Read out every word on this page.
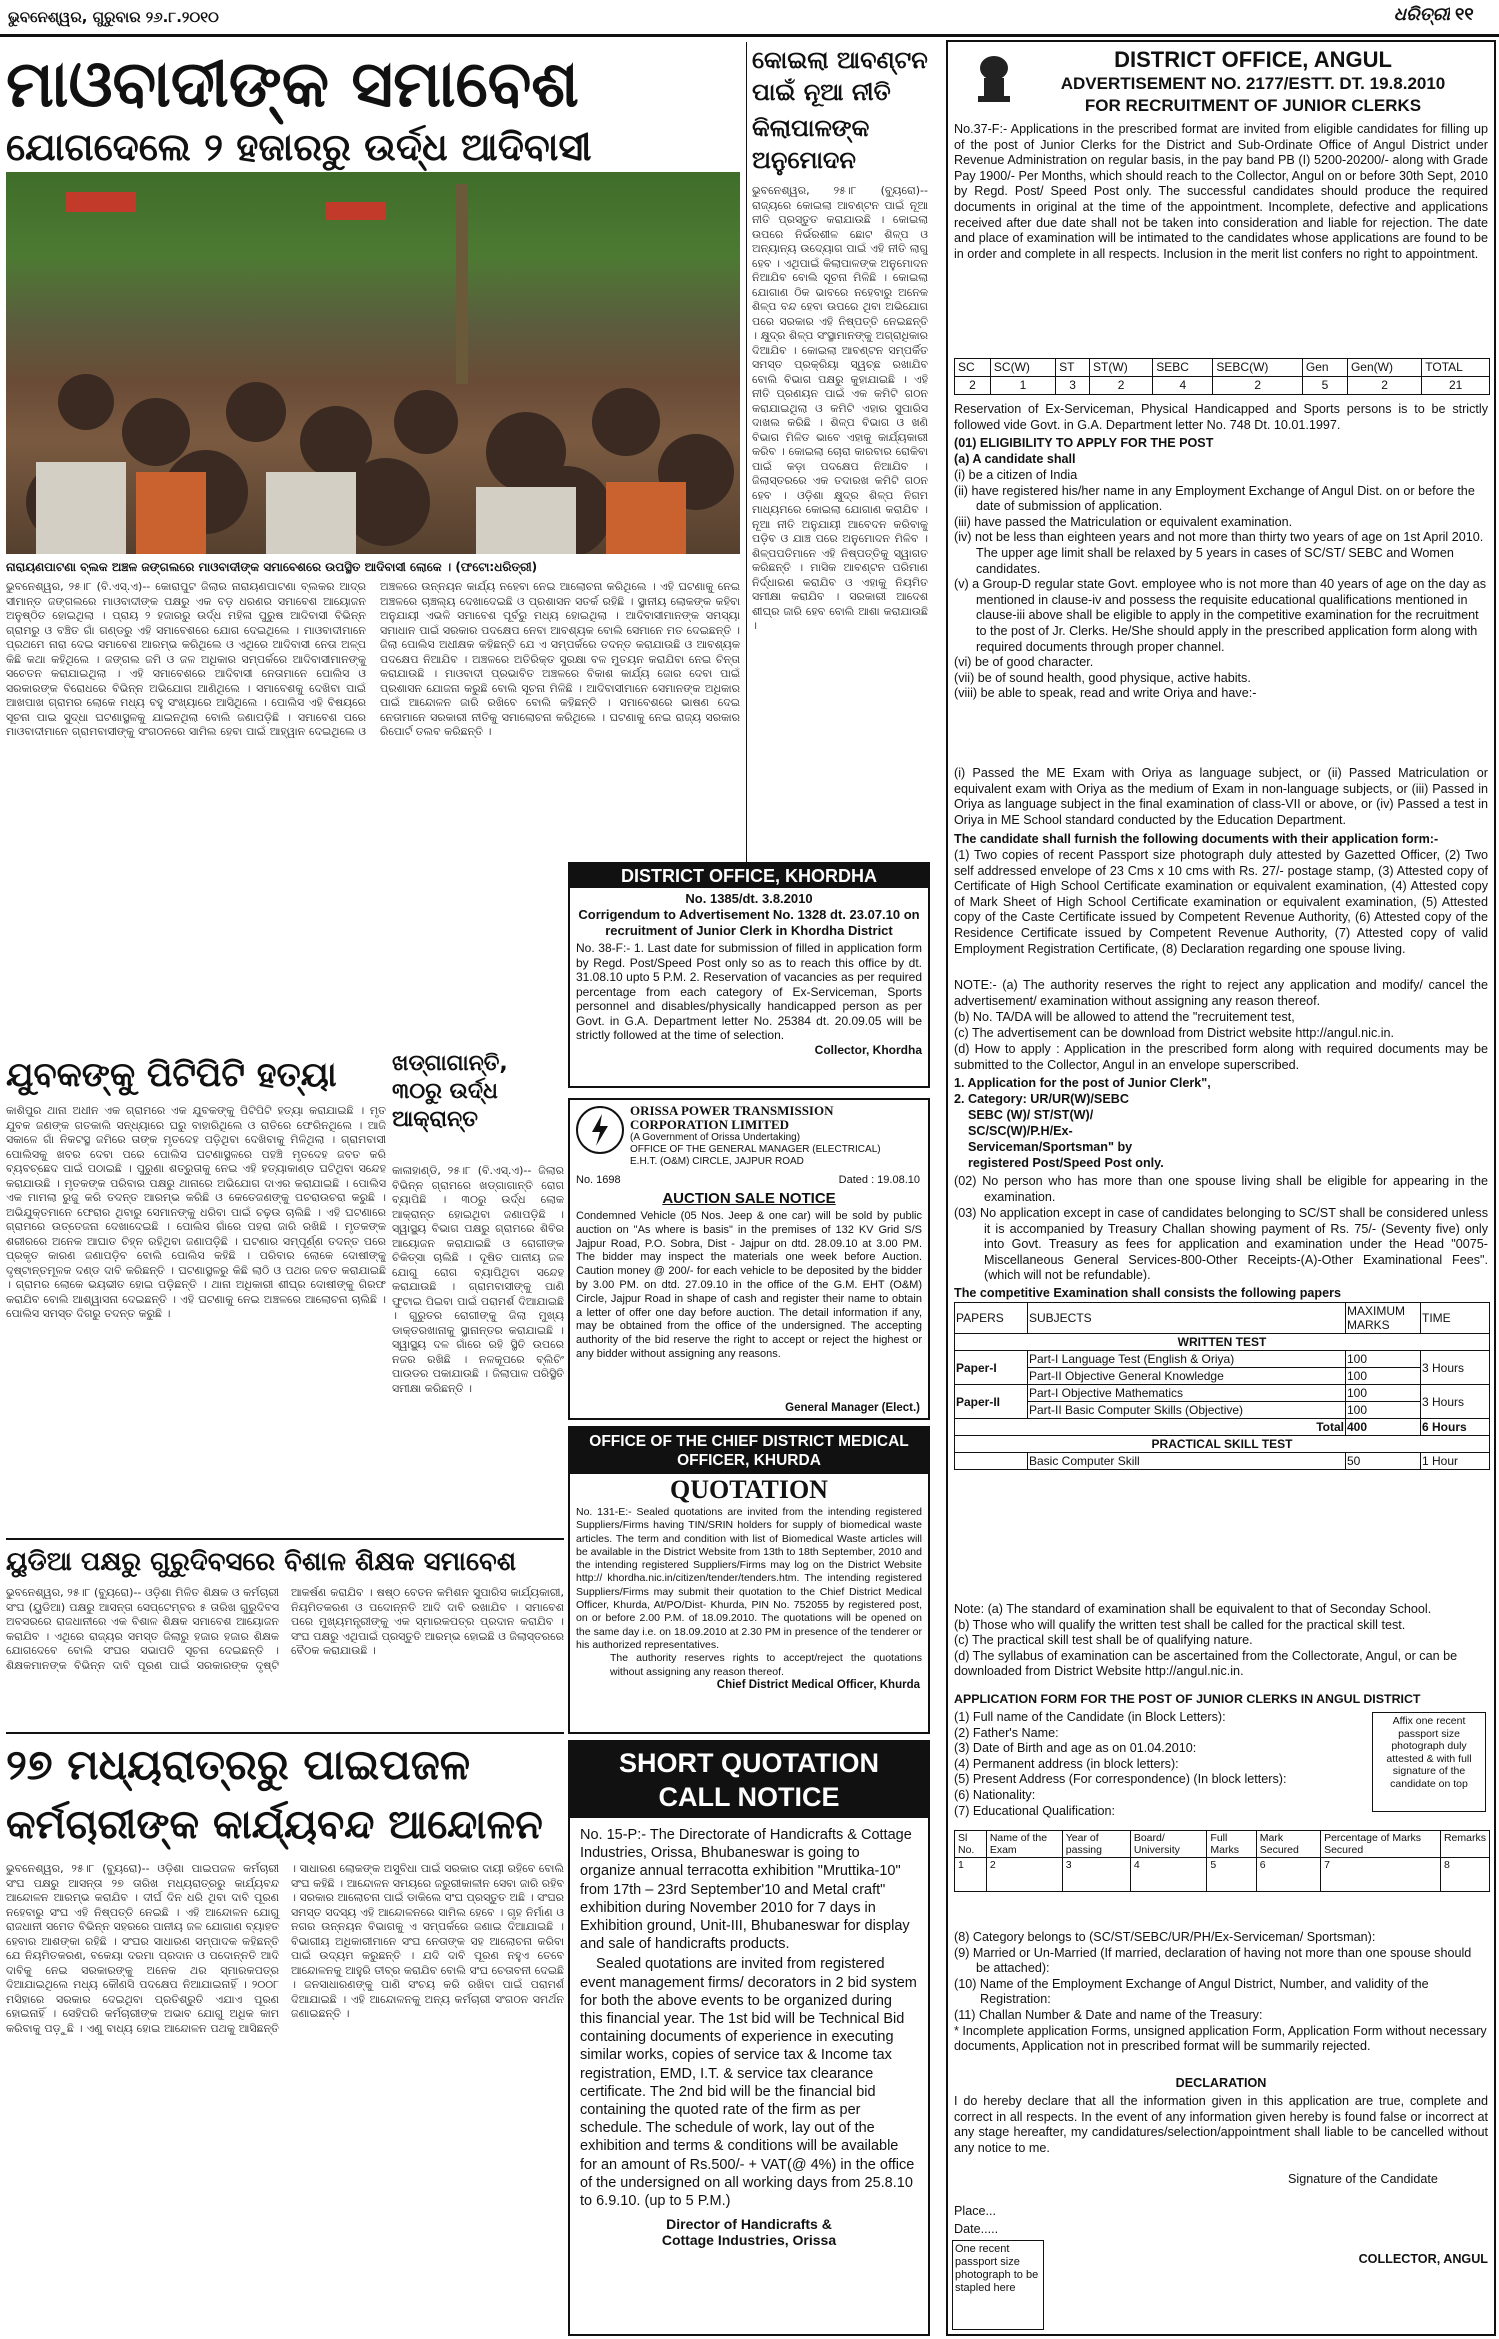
ଭୁବନେଶ୍ୱର, ଗୁରୁବାର ୨୬.୮.୨୦୧୦	ଧରିତ୍ରୀ ୧୧
ମାଓବାଦୀଙ୍କ ସମାବେଶ
ଯୋଗଦେଲେ ୨ ହଜାରରୁ ଉର୍ଦ୍ଧ ଆଦିବାସୀ
ନାରାୟଣପାଟଣା ବ୍ଲକ ଅଞ୍ଚଳ ଜଙ୍ଗଲରେ ମାଓବାଦୀଙ୍କ ସମାବେଶରେ ଉପସ୍ଥିତ ଆଦିବାସୀ ଲୋକେ । (ଫଟୋ:ଧରିତ୍ରୀ)
ଭୁବନେଶ୍ୱର, ୨୫।୮ (ବି.ଏସ୍.ଏ)-- କୋରାପୁଟ ଜିଲାର ନାରାୟଣପାଟଣା ବ୍ଲକର ଆଦ୍ର ସୀମାନ୍ତ ଜଙ୍ଗଲରେ ମାଓବାଦୀଙ୍କ ପକ୍ଷରୁ ଏକ ବଡ଼ ଧରଣର ସମାବେଶ ଆୟୋଜନ ଅନୁଷ୍ଠିତ ହୋଇଥିଲା । ପ୍ରାୟ ୨ ହଜାରରୁ ଉର୍ଦ୍ଧ ମହିଳା ପୁରୁଷ ଆଦିବାସୀ ବିଭିନ୍ନ ଗ୍ରାମରୁ ଓ ବଞ୍ଚିତ ଗାଁ ଗଣ୍ଡରୁ ଏହି ସମାବେଶରେ ଯୋଗ ଦେଇଥିଲେ । ମାଓବାଦୀମାନେ ପ୍ରଥମେ ନାରା ଦେଇ ସମାବେଶ ଆରମ୍ଭ କରିଥିଲେ ଓ ଏଥିରେ ଆଦିବାସୀ ନେତା ଅଳ୍ପ କିଛି କଥା କହିଥିଲେ । ଜଙ୍ଗଲ ଜମି ଓ ଜଳ ଅଧିକାର ସମ୍ପର୍କରେ ଆଦିବାସୀମାନଙ୍କୁ ସଚେତନ କରାଯାଇଥିଲା । ଏହି ସମାବେଶରେ ଆଦିବାସୀ ନେତାମାନେ ପୋଲିସ ଓ ସରକାରଙ୍କ ବିରୋଧରେ ବିଭିନ୍ନ ଅଭିଯୋଗ ଆଣିଥିଲେ । ସମାବେଶକୁ ଦେଖିବା ପାଇଁ ଆଖପାଖ ଗ୍ରାମର ଲୋକେ ମଧ୍ୟ ବହୁ ସଂଖ୍ୟାରେ ଆସିଥିଲେ । ପୋଲିସ ଏହି ବିଷୟରେ ସୂଚନା ପାଇ ସୁଦ୍ଧା ଘଟଣାସ୍ଥଳକୁ ଯାଇନଥିଲା ବୋଲି ଜଣାପଡ଼ିଛି । ସମାବେଶ ପରେ ମାଓବାଦୀମାନେ ଗ୍ରାମବାସୀଙ୍କୁ ସଂଗଠନରେ ସାମିଲ ହେବା ପାଇଁ ଆହ୍ୱାନ ଦେଇଥିଲେ ଓ ଅଞ୍ଚଳରେ ଉନ୍ନୟନ କାର୍ଯ୍ୟ ନହେବା ନେଇ ଆଲୋଚନା କରିଥିଲେ । ଏହି ଘଟଣାକୁ ନେଇ ଅଞ୍ଚଳରେ ଚାଞ୍ଚଲ୍ୟ ଦେଖାଦେଇଛି ଓ ପ୍ରଶାସନ ସତର୍କ ରହିଛି । ସ୍ଥାନୀୟ ଲୋକଙ୍କ କହିବା ଅନୁଯାୟୀ ଏଭଳି ସମାବେଶ ପୂର୍ବରୁ ମଧ୍ୟ ହୋଇଥିଲା । ଆଦିବାସୀମାନଙ୍କ ସମସ୍ୟା ସମାଧାନ ପାଇଁ ସରକାର ପଦକ୍ଷେପ ନେବା ଆବଶ୍ୟକ ବୋଲି ସେମାନେ ମତ ଦେଇଛନ୍ତି । ଜିଲା ପୋଲିସ ଅଧୀକ୍ଷକ କହିଛନ୍ତି ଯେ ଏ ସମ୍ପର୍କରେ ତଦନ୍ତ କରାଯାଉଛି ଓ ଆବଶ୍ୟକ ପଦକ୍ଷେପ ନିଆଯିବ । ଅଞ୍ଚଳରେ ଅତିରିକ୍ତ ସୁରକ୍ଷା ବଳ ମୁତୟନ କରାଯିବା ନେଇ ଚିନ୍ତା କରାଯାଉଛି । ମାଓବାଦୀ ପ୍ରଭାବିତ ଅଞ୍ଚଳରେ ବିକାଶ କାର୍ଯ୍ୟ ଜୋର ଦେବା ପାଇଁ ପ୍ରଶାସନ ଯୋଜନା କରୁଛି ବୋଲି ସୂଚନା ମିଳିଛି । ଆଦିବାସୀମାନେ ସେମାନଙ୍କ ଅଧିକାର ପାଇଁ ଆନ୍ଦୋଳନ ଜାରି ରଖିବେ ବୋଲି କହିଛନ୍ତି । ସମାବେଶରେ ଭାଷଣ ଦେଇ ନେତାମାନେ ସରକାରୀ ନୀତିକୁ ସମାଲୋଚନା କରିଥିଲେ । ଘଟଣାକୁ ନେଇ ରାଜ୍ୟ ସରକାର ରିପୋର୍ଟ ତଲବ କରିଛନ୍ତି ।
କୋଇଲା ଆବଣ୍ଟନ ପାଇଁ ନୂଆ ନୀତି
କିଲାପାଳଙ୍କ ଅନୁମୋଦନ
ଭୁବନେଶ୍ୱର, ୨୫।୮ (ବ୍ୟୁରୋ)-- ରାଜ୍ୟରେ କୋଇଲା ଆବଣ୍ଟନ ପାଇଁ ନୂଆ ନୀତି ପ୍ରସ୍ତୁତ କରାଯାଉଛି । କୋଇଲା ଉପରେ ନିର୍ଭରଶୀଳ ଛୋଟ ଶିଳ୍ପ ଓ ଅନ୍ୟାନ୍ୟ ଉଦ୍ୟୋଗ ପାଇଁ ଏହି ନୀତି ଲାଗୁ ହେବ । ଏଥିପାଇଁ କିଲାପାଳଙ୍କ ଅନୁମୋଦନ ନିଆଯିବ ବୋଲି ସୂଚନା ମିଳିଛି । କୋଇଲା ଯୋଗାଣ ଠିକ ଭାବରେ ନହେବାରୁ ଅନେକ ଶିଳ୍ପ ବନ୍ଦ ହେବା ଉପରେ ଥିବା ଅଭିଯୋଗ ପରେ ସରକାର ଏହି ନିଷ୍ପତ୍ତି ନେଇଛନ୍ତି । କ୍ଷୁଦ୍ର ଶିଳ୍ପ ସଂସ୍ଥାମାନଙ୍କୁ ଅଗ୍ରାଧିକାର ଦିଆଯିବ । କୋଇଲା ଆବଣ୍ଟନ ସମ୍ପର୍କିତ ସମସ୍ତ ପ୍ରକ୍ରିୟା ସ୍ୱଚ୍ଛ ରଖାଯିବ ବୋଲି ବିଭାଗ ପକ୍ଷରୁ କୁହାଯାଇଛି । ଏହି ନୀତି ପ୍ରଣୟନ ପାଇଁ ଏକ କମିଟି ଗଠନ କରାଯାଇଥିଲା ଓ କମିଟି ଏହାର ସୁପାରିସ ଦାଖଲ କରିଛି । ଶିଳ୍ପ ବିଭାଗ ଓ ଖଣି ବିଭାଗ ମିଳିତ ଭାବେ ଏହାକୁ କାର୍ଯ୍ୟକାରୀ କରିବ । କୋଇଲା ଚୋରା କାରବାର ରୋକିବା ପାଇଁ କଡ଼ା ପଦକ୍ଷେପ ନିଆଯିବ । ଜିଲାସ୍ତରରେ ଏକ ତଦାରଖ କମିଟି ଗଠନ ହେବ । ଓଡ଼ିଶା କ୍ଷୁଦ୍ର ଶିଳ୍ପ ନିଗମ ମାଧ୍ୟମରେ କୋଇଲା ଯୋଗାଣ କରାଯିବ । ନୂଆ ନୀତି ଅନୁଯାୟୀ ଆବେଦନ କରିବାକୁ ପଡ଼ିବ ଓ ଯାଞ୍ଚ ପରେ ଅନୁମୋଦନ ମିଳିବ । ଶିଳ୍ପପତିମାନେ ଏହି ନିଷ୍ପତ୍ତିକୁ ସ୍ୱାଗତ କରିଛନ୍ତି । ମାସିକ ଆବଣ୍ଟନ ପରିମାଣ ନିର୍ଦ୍ଧାରଣ କରାଯିବ ଓ ଏହାକୁ ନିୟମିତ ସମୀକ୍ଷା କରାଯିବ । ସରକାରୀ ଆଦେଶ ଶୀଘ୍ର ଜାରି ହେବ ବୋଲି ଆଶା କରାଯାଉଛି ।
DISTRICT OFFICE, KHORDHA
No. 1385/dt. 3.8.2010
Corrigendum to Advertisement No. 1328 dt. 23.07.10 on recruitment of Junior Clerk in Khordha District
No. 38-F:- 1. Last date for submission of filled in application form by Regd. Post/Speed Post only so as to reach this office by dt. 31.08.10 upto 5 P.M. 2. Reservation of vacancies as per required percentage from each category of Ex-Serviceman, Sports personnel and disables/physically handicapped person as per Govt. in G.A. Department letter No. 25384 dt. 20.09.05 will be strictly followed at the time of selection.
Collector, Khordha
ଯୁବକଙ୍କୁ ପିଟିପିଟି ହତ୍ୟା
କାଶିପୁର ଥାନା ଅଧୀନ ଏକ ଗ୍ରାମରେ ଏକ ଯୁବକଙ୍କୁ ପିଟିପିଟି ହତ୍ୟା କରାଯାଇଛି । ମୃତ ଯୁବକ ଜଣଙ୍କ ଗତକାଲି ସନ୍ଧ୍ୟାରେ ଘରୁ ବାହାରିଥିଲେ ଓ ରାତିରେ ଫେରିନଥିଲେ । ଆଜି ସକାଳେ ଗାଁ ନିକଟସ୍ଥ ଜମିରେ ତାଙ୍କ ମୃତଦେହ ପଡ଼ିଥିବା ଦେଖିବାକୁ ମିଳିଥିଲା । ଗ୍ରାମବାସୀ ପୋଲିସକୁ ଖବର ଦେବା ପରେ ପୋଲିସ ଘଟଣାସ୍ଥଳରେ ପହଞ୍ଚି ମୃତଦେହ ଜବତ କରି ବ୍ୟବଚ୍ଛେଦ ପାଇଁ ପଠାଇଛି । ପୁରୁଣା ଶତ୍ରୁତାକୁ ନେଇ ଏହି ହତ୍ୟାକାଣ୍ଡ ଘଟିଥିବା ସନ୍ଦେହ କରାଯାଉଛି । ମୃତକଙ୍କ ପରିବାର ପକ୍ଷରୁ ଥାନାରେ ଅଭିଯୋଗ ଦାଏର କରାଯାଇଛି । ପୋଲିସ ଏକ ମାମଲା ରୁଜୁ କରି ତଦନ୍ତ ଆରମ୍ଭ କରିଛି ଓ କେତେଜଣଙ୍କୁ ପଚରାଉଚରା କରୁଛି । ଅଭିଯୁକ୍ତମାନେ ଫେରାର ଥିବାରୁ ସେମାନଙ୍କୁ ଧରିବା ପାଇଁ ଚଢ଼ଉ ଚାଲିଛି । ଏହି ଘଟଣାରେ ଗ୍ରାମରେ ଉତ୍ତେଜନା ଦେଖାଦେଇଛି । ପୋଲିସ ଗାଁରେ ପହରା ଜାରି ରଖିଛି । ମୃତକଙ୍କ ଶରୀରରେ ଅନେକ ଆଘାତ ଚିହ୍ନ ରହିଥିବା ଜଣାପଡ଼ିଛି । ଘଟଣାର ସମ୍ପୂର୍ଣ୍ଣ ତଦନ୍ତ ପରେ ପ୍ରକୃତ କାରଣ ଜଣାପଡ଼ିବ ବୋଲି ପୋଲିସ କହିଛି । ପରିବାର ଲୋକେ ଦୋଷୀଙ୍କୁ ଦୃଷ୍ଟାନ୍ତମୂଳକ ଦଣ୍ଡ ଦାବି କରିଛନ୍ତି । ଘଟଣାସ୍ଥଳରୁ କିଛି ଲାଠି ଓ ପଥର ଜବତ କରାଯାଇଛି । ଗ୍ରାମର ଲୋକେ ଭୟଭୀତ ହୋଇ ପଡ଼ିଛନ୍ତି । ଥାନା ଅଧିକାରୀ ଶୀଘ୍ର ଦୋଷୀଙ୍କୁ ଗିରଫ କରାଯିବ ବୋଲି ଆଶ୍ୱାସନା ଦେଇଛନ୍ତି । ଏହି ଘଟଣାକୁ ନେଇ ଅଞ୍ଚଳରେ ଆଲୋଚନା ଚାଲିଛି । ପୋଲିସ ସମସ୍ତ ଦିଗରୁ ତଦନ୍ତ କରୁଛି ।
ଖଡ୍ଗାଗାନ୍ତି, ୩୦ରୁ ଉର୍ଦ୍ଧ ଆକ୍ରାନ୍ତ
କାଳାହାଣ୍ଡି, ୨୫।୮ (ବି.ଏସ୍.ଏ)-- ଜିଲାର ବିଭିନ୍ନ ଗ୍ରାମରେ ଖଡ୍ଗାଗାନ୍ତି ରୋଗ ବ୍ୟାପିଛି । ୩୦ରୁ ଉର୍ଦ୍ଧ ଲୋକ ଆକ୍ରାନ୍ତ ହୋଇଥିବା ଜଣାପଡ଼ିଛି । ସ୍ୱାସ୍ଥ୍ୟ ବିଭାଗ ପକ୍ଷରୁ ଗ୍ରାମରେ ଶିବିର ଆୟୋଜନ କରାଯାଇଛି ଓ ରୋଗୀଙ୍କ ଚିକିତ୍ସା ଚାଲିଛି । ଦୂଷିତ ପାନୀୟ ଜଳ ଯୋଗୁ ରୋଗ ବ୍ୟାପିଥିବା ସନ୍ଦେହ କରାଯାଉଛି । ଗ୍ରାମବାସୀଙ୍କୁ ପାଣି ଫୁଟାଇ ପିଇବା ପାଇଁ ପରାମର୍ଶ ଦିଆଯାଇଛି । ଗୁରୁତର ରୋଗୀଙ୍କୁ ଜିଲା ମୁଖ୍ୟ ଡାକ୍ତରଖାନାକୁ ସ୍ଥାନାନ୍ତର କରାଯାଇଛି । ସ୍ୱାସ୍ଥ୍ୟ ଦଳ ଗାଁରେ ରହି ସ୍ଥିତି ଉପରେ ନଜର ରଖିଛି । ନଳକୂପରେ ବ୍ଲିଚିଂ ପାଉଡର ପକାଯାଉଛି । ଜିଲାପାଳ ପରିସ୍ଥିତି ସମୀକ୍ଷା କରିଛନ୍ତି ।
ୟୁଡିଆ ପକ୍ଷରୁ ଗୁରୁଦିବସରେ ବିଶାଳ ଶିକ୍ଷକ ସମାବେଶ
ଭୁବନେଶ୍ୱର, ୨୫।୮ (ବ୍ୟୁରୋ)-- ଓଡ଼ିଶା ମିଳିତ ଶିକ୍ଷକ ଓ କର୍ମଚାରୀ ସଂଘ (ୟୁଡିଆ) ପକ୍ଷରୁ ଆସନ୍ତା ସେପ୍ଟେମ୍ବର ୫ ତାରିଖ ଗୁରୁଦିବସ ଅବସରରେ ରାଜଧାନୀରେ ଏକ ବିଶାଳ ଶିକ୍ଷକ ସମାବେଶ ଆୟୋଜନ କରାଯିବ । ଏଥିରେ ରାଜ୍ୟର ସମସ୍ତ ଜିଲାରୁ ହଜାର ହଜାର ଶିକ୍ଷକ ଯୋଗଦେବେ ବୋଲି ସଂଘର ସଭାପତି ସୂଚନା ଦେଇଛନ୍ତି । ଶିକ୍ଷକମାନଙ୍କ ବିଭିନ୍ନ ଦାବି ପୂରଣ ପାଇଁ ସରକାରଙ୍କ ଦୃଷ୍ଟି ଆକର୍ଷଣ କରାଯିବ । ଷଷ୍ଠ ବେତନ କମିଶନ ସୁପାରିସ କାର୍ଯ୍ୟକାରୀ, ନିୟମିତକରଣ ଓ ପଦୋନ୍ନତି ଆଦି ଦାବି ରଖାଯିବ । ସମାବେଶ ପରେ ମୁଖ୍ୟମନ୍ତ୍ରୀଙ୍କୁ ଏକ ସ୍ମାରକପତ୍ର ପ୍ରଦାନ କରାଯିବ । ସଂଘ ପକ୍ଷରୁ ଏଥିପାଇଁ ପ୍ରସ୍ତୁତି ଆରମ୍ଭ ହୋଇଛି ଓ ଜିଲାସ୍ତରରେ ବୈଠକ କରାଯାଉଛି ।
୨୭ ମଧ୍ୟରାତ୍ରରୁ ପାଇପଜଳ
କର୍ମଚାରୀଙ୍କ କାର୍ଯ୍ୟବନ୍ଦ ଆନ୍ଦୋଳନ
ଭୁବନେଶ୍ୱର, ୨୫।୮ (ବ୍ୟୁରୋ)-- ଓଡ଼ିଶା ପାଇପଜଳ କର୍ମଚାରୀ ସଂଘ ପକ୍ଷରୁ ଆସନ୍ତା ୨୭ ତାରିଖ ମଧ୍ୟରାତ୍ରରୁ କାର୍ଯ୍ୟବନ୍ଦ ଆନ୍ଦୋଳନ ଆରମ୍ଭ କରାଯିବ । ଦୀର୍ଘ ଦିନ ଧରି ଥିବା ଦାବି ପୂରଣ ନହେବାରୁ ସଂଘ ଏହି ନିଷ୍ପତ୍ତି ନେଇଛି । ଏହି ଆନ୍ଦୋଳନ ଯୋଗୁ ରାଜଧାନୀ ସମେତ ବିଭିନ୍ନ ସହରରେ ପାନୀୟ ଜଳ ଯୋଗାଣ ବ୍ୟାହତ ହେବାର ଆଶଙ୍କା ରହିଛି । ସଂଘର ସାଧାରଣ ସମ୍ପାଦକ କହିଛନ୍ତି ଯେ ନିୟମିତକରଣ, ବକେୟା ଦରମା ପ୍ରଦାନ ଓ ପଦୋନ୍ନତି ଆଦି ଦାବିକୁ ନେଇ ସରକାରଙ୍କୁ ଅନେକ ଥର ସ୍ମାରକପତ୍ର ଦିଆଯାଇଥିଲେ ମଧ୍ୟ କୌଣସି ପଦକ୍ଷେପ ନିଆଯାଇନାହିଁ । ୨୦୦୮ ମସିହାରେ ସରକାର ଦେଇଥିବା ପ୍ରତିଶ୍ରୁତି ଏଯାଏ ପୂରଣ ହୋଇନାହିଁ । ସେହିପରି କର୍ମଚାରୀଙ୍କ ଅଭାବ ଯୋଗୁ ଅଧିକ କାମ କରିବାକୁ ପଡ଼ୁଛି । ଏଣୁ ବାଧ୍ୟ ହୋଇ ଆନ୍ଦୋଳନ ପଥକୁ ଆସିଛନ୍ତି । ସାଧାରଣ ଲୋକଙ୍କ ଅସୁବିଧା ପାଇଁ ସରକାର ଦାୟୀ ରହିବେ ବୋଲି ସଂଘ କହିଛି । ଆନ୍ଦୋଳନ ସମୟରେ ଜରୁରୀକାଳୀନ ସେବା ଜାରି ରହିବ । ସରକାର ଆଲୋଚନା ପାଇଁ ଡାକିଲେ ସଂଘ ପ୍ରସ୍ତୁତ ଅଛି । ସଂଘର ସମସ୍ତ ସଦସ୍ୟ ଏହି ଆନ୍ଦୋଳନରେ ସାମିଲ ହେବେ । ଗୃହ ନିର୍ମାଣ ଓ ନଗର ଉନ୍ନୟନ ବିଭାଗକୁ ଏ ସମ୍ପର୍କରେ ଜଣାଇ ଦିଆଯାଇଛି । ବିଭାଗୀୟ ଅଧିକାରୀମାନେ ସଂଘ ନେତାଙ୍କ ସହ ଆଲୋଚନା କରିବା ପାଇଁ ଉଦ୍ୟମ କରୁଛନ୍ତି । ଯଦି ଦାବି ପୂରଣ ନହୁଏ ତେବେ ଆନ୍ଦୋଳନକୁ ଆହୁରି ତୀବ୍ର କରାଯିବ ବୋଲି ସଂଘ ଚେତାବନୀ ଦେଇଛି । ଜନସାଧାରଣଙ୍କୁ ପାଣି ସଂଚୟ କରି ରଖିବା ପାଇଁ ପରାମର୍ଶ ଦିଆଯାଇଛି । ଏହି ଆନ୍ଦୋଳନକୁ ଅନ୍ୟ କର୍ମଚାରୀ ସଂଗଠନ ସମର୍ଥନ ଜଣାଇଛନ୍ତି ।
ORISSA POWER TRANSMISSION CORPORATION LIMITED
(A Government of Orissa Undertaking)
OFFICE OF THE GENERAL MANAGER (ELECTRICAL)
E.H.T. (O&M) CIRCLE, JAJPUR ROAD
No. 1698	Dated : 19.08.10
AUCTION SALE NOTICE
Condemned Vehicle (05 Nos. Jeep & one car) will be sold by public auction on "As where is basis" in the premises of 132 KV Grid S/S Jajpur Road, P.O. Sobra, Dist - Jajpur on dtd. 28.09.10 at 3.00 PM. The bidder may inspect the materials one week before Auction. Caution money @ 200/- for each vehicle to be deposited by the bidder by 3.00 PM. on dtd. 27.09.10 in the office of the G.M. EHT (O&M) Circle, Jajpur Road in shape of cash and register their name to obtain a letter of offer one day before auction. The detail information if any, may be obtained from the office of the undersigned. The accepting authority of the bid reserve the right to accept or reject the highest or any bidder without assigning any reasons.
General Manager (Elect.)
OFFICE OF THE CHIEF DISTRICT MEDICAL OFFICER, KHURDA
QUOTATION
No. 131-E:- Sealed quotations are invited from the intending registered Suppliers/Firms having TIN/SRIN holders for supply of biomedical waste articles. The term and condition with list of Biomedical Waste articles will be available in the District Website from 13th to 18th September, 2010 and the intending registered Suppliers/Firms may log on the District Website http:// khordha.nic.in/citizen/tender/tenders.htm. The intending registered Suppliers/Firms may submit their quotation to the Chief District Medical Officer, Khurda, At/PO/Dist- Khurda, PIN No. 752055 by registered post, on or before 2.00 P.M. of 18.09.2010. The quotations will be opened on the same day i.e. on 18.09.2010 at 2.30 PM in presence of the tenderer or his authorized representatives.
The authority reserves rights to accept/reject the quotations without assigning any reason thereof.
Chief District Medical Officer, Khurda
SHORT QUOTATION
CALL NOTICE
No. 15-P:- The Directorate of Handicrafts & Cottage Industries, Orissa, Bhubaneswar is going to organize annual terracotta exhibition "Mruttika-10" from 17th – 23rd September'10 and Metal craft" exhibition during November 2010 for 7 days in Exhibition ground, Unit-III, Bhubaneswar for display and sale of handicrafts products.
Sealed quotations are invited from registered event management firms/ decorators in 2 bid system for both the above events to be organized during this financial year. The 1st bid will be Technical Bid containing documents of experience in executing similar works, copies of service tax & Income tax registration, EMD, I.T. & service tax clearance certificate. The 2nd bid will be the financial bid containing the quoted rate of the firm as per schedule. The schedule of work, lay out of the exhibition and terms & conditions will be available for an amount of Rs.500/- + VAT(@ 4%) in the office of the undersigned on all working days from 25.8.10 to 6.9.10. (up to 5 P.M.)
Director of Handicrafts &
Cottage Industries, Orissa
DISTRICT OFFICE, ANGUL
ADVERTISEMENT NO. 2177/ESTT. DT. 19.8.2010
FOR RECRUITMENT OF JUNIOR CLERKS
No.37-F:- Applications in the prescribed format are invited from eligible candidates for filling up of the post of Junior Clerks for the District and Sub-Ordinate Office of Angul District under Revenue Administration on regular basis, in the pay band PB (I) 5200-20200/- along with Grade Pay 1900/- Per Months, which should reach to the Collector, Angul on or before 30th Sept, 2010 by Regd. Post/ Speed Post only. The successful candidates should produce the required documents in original at the time of the appointment. Incomplete, defective and applications received after due date shall not be taken into consideration and liable for rejection. The date and place of examination will be intimated to the candidates whose applications are found to be in order and complete in all respects. Inclusion in the merit list confers no right to appointment.
SC	SC(W)	ST	ST(W)	SEBC	SEBC(W)	Gen	Gen(W)	TOTAL
2	1	3	2	4	2	5	2	21
Reservation of Ex-Serviceman, Physical Handicapped and Sports persons is to be strictly followed vide Govt. in G.A. Department letter No. 748 Dt. 10.01.1997.
(01) ELIGIBILITY TO APPLY FOR THE POST
(a) A candidate shall
(i) be a citizen of India
(ii) have registered his/her name in any Employment Exchange of Angul Dist. on or before the date of submission of application.
(iii) have passed the Matriculation or equivalent examination.
(iv) not be less than eighteen years and not more than thirty two years of age on 1st April 2010. The upper age limit shall be relaxed by 5 years in cases of SC/ST/ SEBC and Women candidates.
(v) a Group-D regular state Govt. employee who is not more than 40 years of age on the day as mentioned in clause-iv and possess the requisite educational qualifications mentioned in clause-iii above shall be eligible to apply in the competitive examination for the recruitment to the post of Jr. Clerks. He/She should apply in the prescribed application form along with required documents through proper channel.
(vi) be of good character.
(vii) be of sound health, good physique, active habits.
(viii) be able to speak, read and write Oriya and have:-
(i) Passed the ME Exam with Oriya as language subject, or (ii) Passed Matriculation or equivalent exam with Oriya as the medium of Exam in non-language subjects, or (iii) Passed in Oriya as language subject in the final examination of class-VII or above, or (iv) Passed a test in Oriya in ME School standard conducted by the Education Department.
The candidate shall furnish the following documents with their application form:-
(1) Two copies of recent Passport size photograph duly attested by Gazetted Officer, (2) Two self addressed envelope of 23 Cms x 10 cms with Rs. 27/- postage stamp, (3) Attested copy of Certificate of High School Certificate examination or equivalent examination, (4) Attested copy of Mark Sheet of High School Certificate examination or equivalent examination, (5) Attested copy of the Caste Certificate issued by Competent Revenue Authority, (6) Attested copy of the Residence Certificate issued by Competent Revenue Authority, (7) Attested copy of valid Employment Registration Certificate, (8) Declaration regarding one spouse living.
NOTE:- (a) The authority reserves the right to reject any application and modify/ cancel the advertisement/ examination without assigning any reason thereof.
(b) No. TA/DA will be allowed to attend the "recruitement test,
(c) The advertisement can be download from District website http://angul.nic.in.
(d) How to apply : Application in the prescribed form along with required documents may be submitted to the Collector, Angul in an envelope superscribed.
1. Application for the post of Junior Clerk",
2. Category: UR/UR(W)/SEBC
SEBC (W)/ ST/ST(W)/
SC/SC(W)/P.H/Ex-
Serviceman/Sportsman" by
registered Post/Speed Post only.
(02) No person who has more than one spouse living shall be eligible for appearing in the examination.
(03) No application except in case of candidates belonging to SC/ST shall be considered unless it is accompanied by Treasury Challan showing payment of Rs. 75/- (Seventy five) only into Govt. Treasury as fees for application and examination under the Head "0075-Miscellaneous General Services-800-Other Receipts-(A)-Other Examinational Fees". (which will not be refundable).
The competitive Examination shall consists the following papers
PAPERS	SUBJECTS	MAXIMUM MARKS	TIME
WRITTEN TEST			
Paper-I	Part-I Language Test (English & Oriya)	100	3 Hours
	Part-II Objective General Knowledge	100	
Paper-II	Part-I Objective Mathematics	100	3 Hours
	Part-II Basic Computer Skills (Objective)	100	
Total		400	6 Hours
PRACTICAL SKILL TEST			
	Basic Computer Skill	50	1 Hour
Note: (a) The standard of examination shall be equivalent to that of Seconday School.
(b) Those who will qualify the written test shall be called for the practical skill test.
(c) The practical skill test shall be of qualifying nature.
(d) The syllabus of examination can be ascertained from the Collectorate, Angul, or can be downloaded from District Website http://angul.nic.in.
APPLICATION FORM FOR THE POST OF JUNIOR CLERKS IN ANGUL DISTRICT
(1) Full name of the Candidate (in Block Letters):
(2) Father's Name:
(3) Date of Birth and age as on 01.04.2010:
(4) Permanent address (in block letters):
(5) Present Address (For correspondence) (In block letters):
(6) Nationality:
(7) Educational Qualification:
Affix one recent passport size photograph duly attested & with full signature of the candidate on top
Sl No.	Name of the Exam	Year of passing	Board/ University	Full Marks	Mark Secured	Percentage of Marks Secured	Remarks
1	2	3	4	5	6	7	8
(8) Category belongs to (SC/ST/SEBC/UR/PH/Ex-Serviceman/ Sportsman):
(9) Married or Un-Married (If married, declaration of having not more than one spouse should be attached):
(10) Name of the Employment Exchange of Angul District, Number, and validity of the Registration:
(11) Challan Number & Date and name of the Treasury:
* Incomplete application Forms, unsigned application Form, Application Form without necessary documents, Application not in prescribed format will be summarily rejected.
DECLARATION
I do hereby declare that all the information given in this application are true, complete and correct in all respects. In the event of any information given hereby is found false or incorrect at any stage hereafter, my candidatures/selection/appointment shall liable to be cancelled without any notice to me.
Signature of the Candidate
Place...
Date.....
One recent passport size photograph to be stapled here
COLLECTOR, ANGUL
